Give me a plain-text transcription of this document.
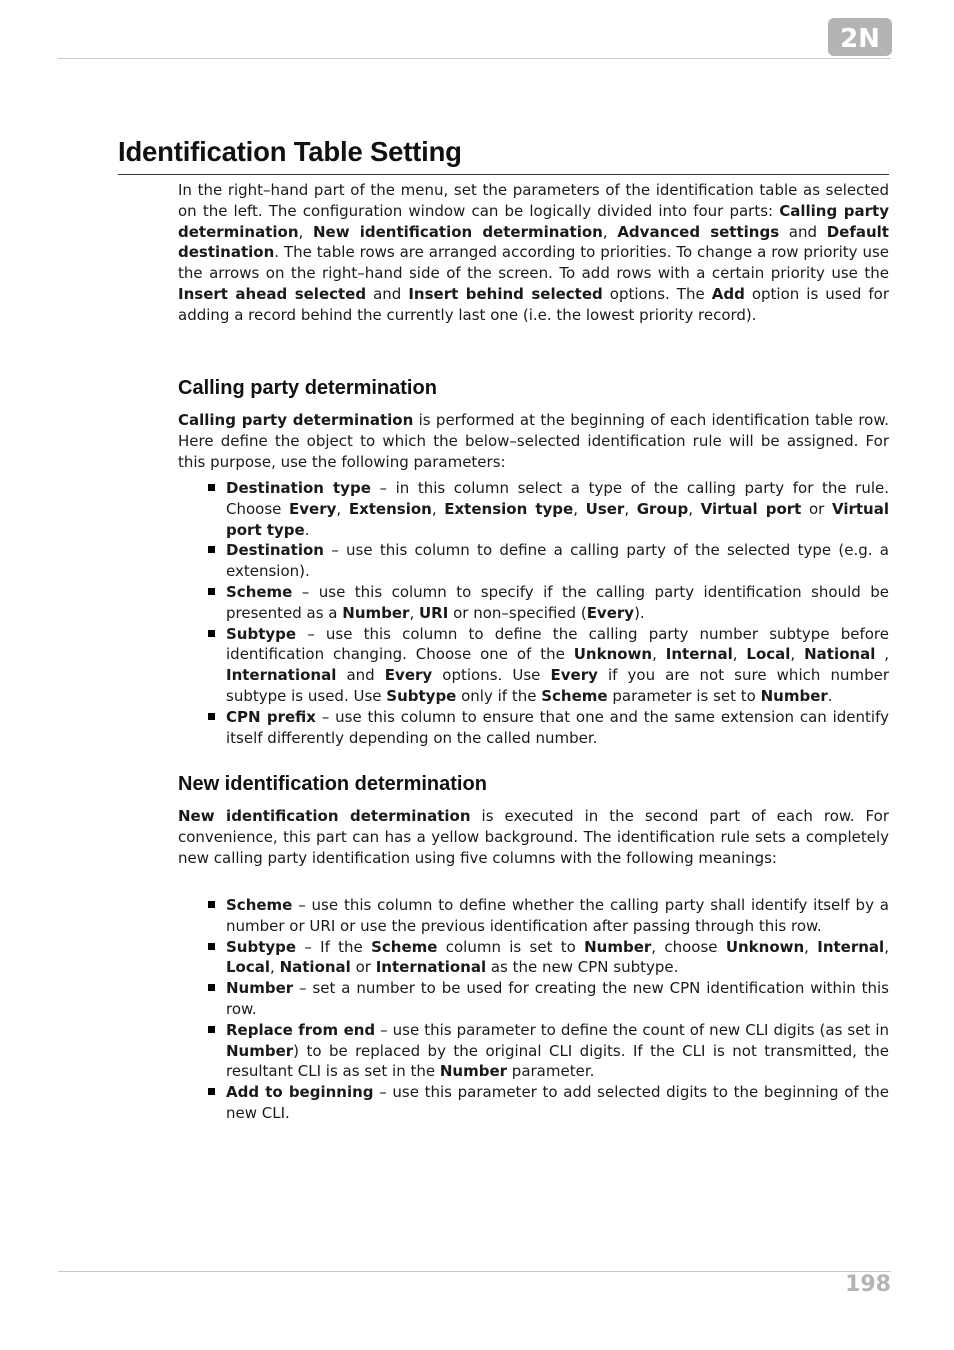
2N
Identification Table Setting

In the right–hand part of the menu, set the parameters of the identification table as selected on the left. The configuration window can be logically divided into four parts: Calling party determination, New identification determination, Advanced settings and Default destination. The table rows are arranged according to priorities. To change a row priority use the arrows on the right–hand side of the screen. To add rows with a certain priority use the Insert ahead selected and Insert behind selected options. The Add option is used for adding a record behind the currently last one (i.e. the lowest priority record).

Calling party determination

Calling party determination is performed at the beginning of each identification table row. Here define the object to which the below–selected identification rule will be assigned. For this purpose, use the following parameters:

Destination type – in this column select a type of the calling party for the rule. Choose Every, Extension, Extension type, User, Group, Virtual port or Virtual port type.
Destination – use this column to define a calling party of the selected type (e.g. a extension).
Scheme – use this column to specify if the calling party identification should be presented as a Number, URI or non–specified (Every).
Subtype – use this column to define the calling party number subtype before identification changing. Choose one of the Unknown, Internal, Local, National , International and Every options. Use Every if you are not sure which number subtype is used. Use Subtype only if the Scheme parameter is set to Number.
CPN prefix – use this column to ensure that one and the same extension can identify itself differently depending on the called number.
New identification determination

New identification determination is executed in the second part of each row. For convenience, this part can has a yellow background. The identification rule sets a completely new calling party identification using five columns with the following meanings:

Scheme – use this column to define whether the calling party shall identify itself by a number or URI or use the previous identification after passing through this row.
Subtype – If the Scheme column is set to Number, choose Unknown, Internal, Local, National or International as the new CPN subtype.
Number – set a number to be used for creating the new CPN identification within this row.
Replace from end – use this parameter to define the count of new CLI digits (as set in Number) to be replaced by the original CLI digits. If the CLI is not transmitted, the resultant CLI is as set in the Number parameter.
Add to beginning – use this parameter to add selected digits to the beginning of the new CLI.
198
